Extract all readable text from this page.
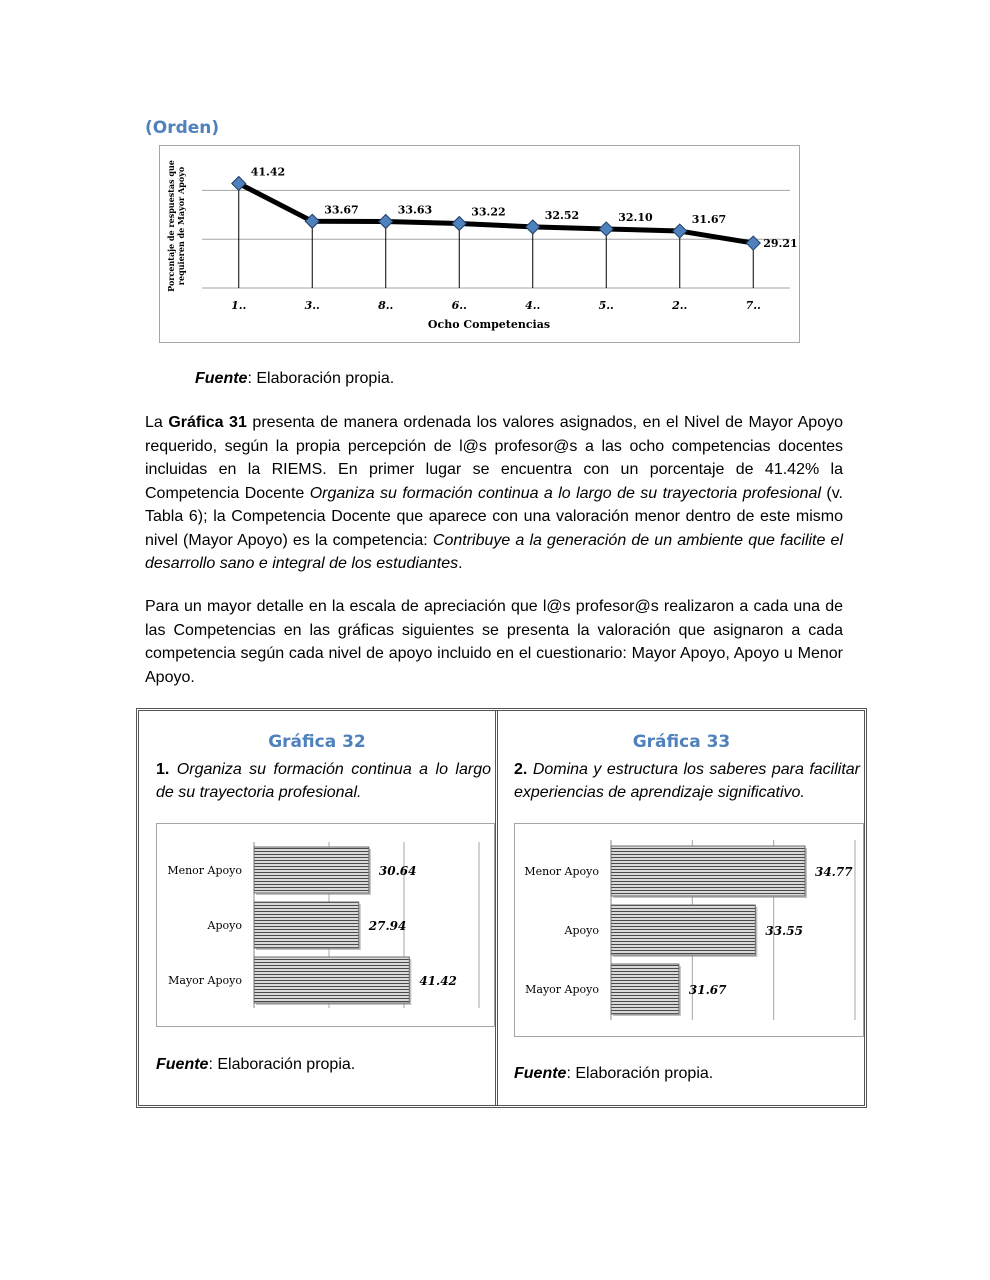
(Orden)
41.42
33.67	33.63	33.22	32.52	32.10	31.67
29.21
1..	3..	8..	6..	4..	5..	2..	7..
Ocho Competencias
Porcentaje de respuestas que requieren de Mayor Apoyo
Fuente: Elaboración propia.
La Gráfica 31 presenta de manera ordenada los valores asignados, en el Nivel de Mayor Apoyo requerido, según la propia percepción de l@s profesor@s a las ocho competencias docentes incluidas en la RIEMS. En primer lugar se encuentra con un porcentaje de 41.42% la Competencia Docente Organiza su formación continua a lo largo de su trayectoria profesional (v. Tabla 6); la Competencia Docente que aparece con una valoración menor dentro de este mismo nivel (Mayor Apoyo) es la competencia: Contribuye a la generación de un ambiente que facilite el desarrollo sano e integral de los estudiantes.
Para un mayor detalle en la escala de apreciación que l@s profesor@s realizaron a cada una de las Competencias en las gráficas siguientes se presenta la valoración que asignaron a cada competencia según cada nivel de apoyo incluido en el cuestionario: Mayor Apoyo, Apoyo u Menor Apoyo.
Gráfica 32
1. Organiza su formación continua a lo largo de su trayectoria profesional.
30.64
Menor Apoyo
27.94
Apoyo
41.42
Mayor Apoyo
Fuente: Elaboración propia.
Gráfica 33
2. Domina y estructura los saberes para facilitar experiencias de aprendizaje significativo.
34.77
Menor Apoyo
33.55
Apoyo
31.67
Mayor Apoyo
Fuente: Elaboración propia.
